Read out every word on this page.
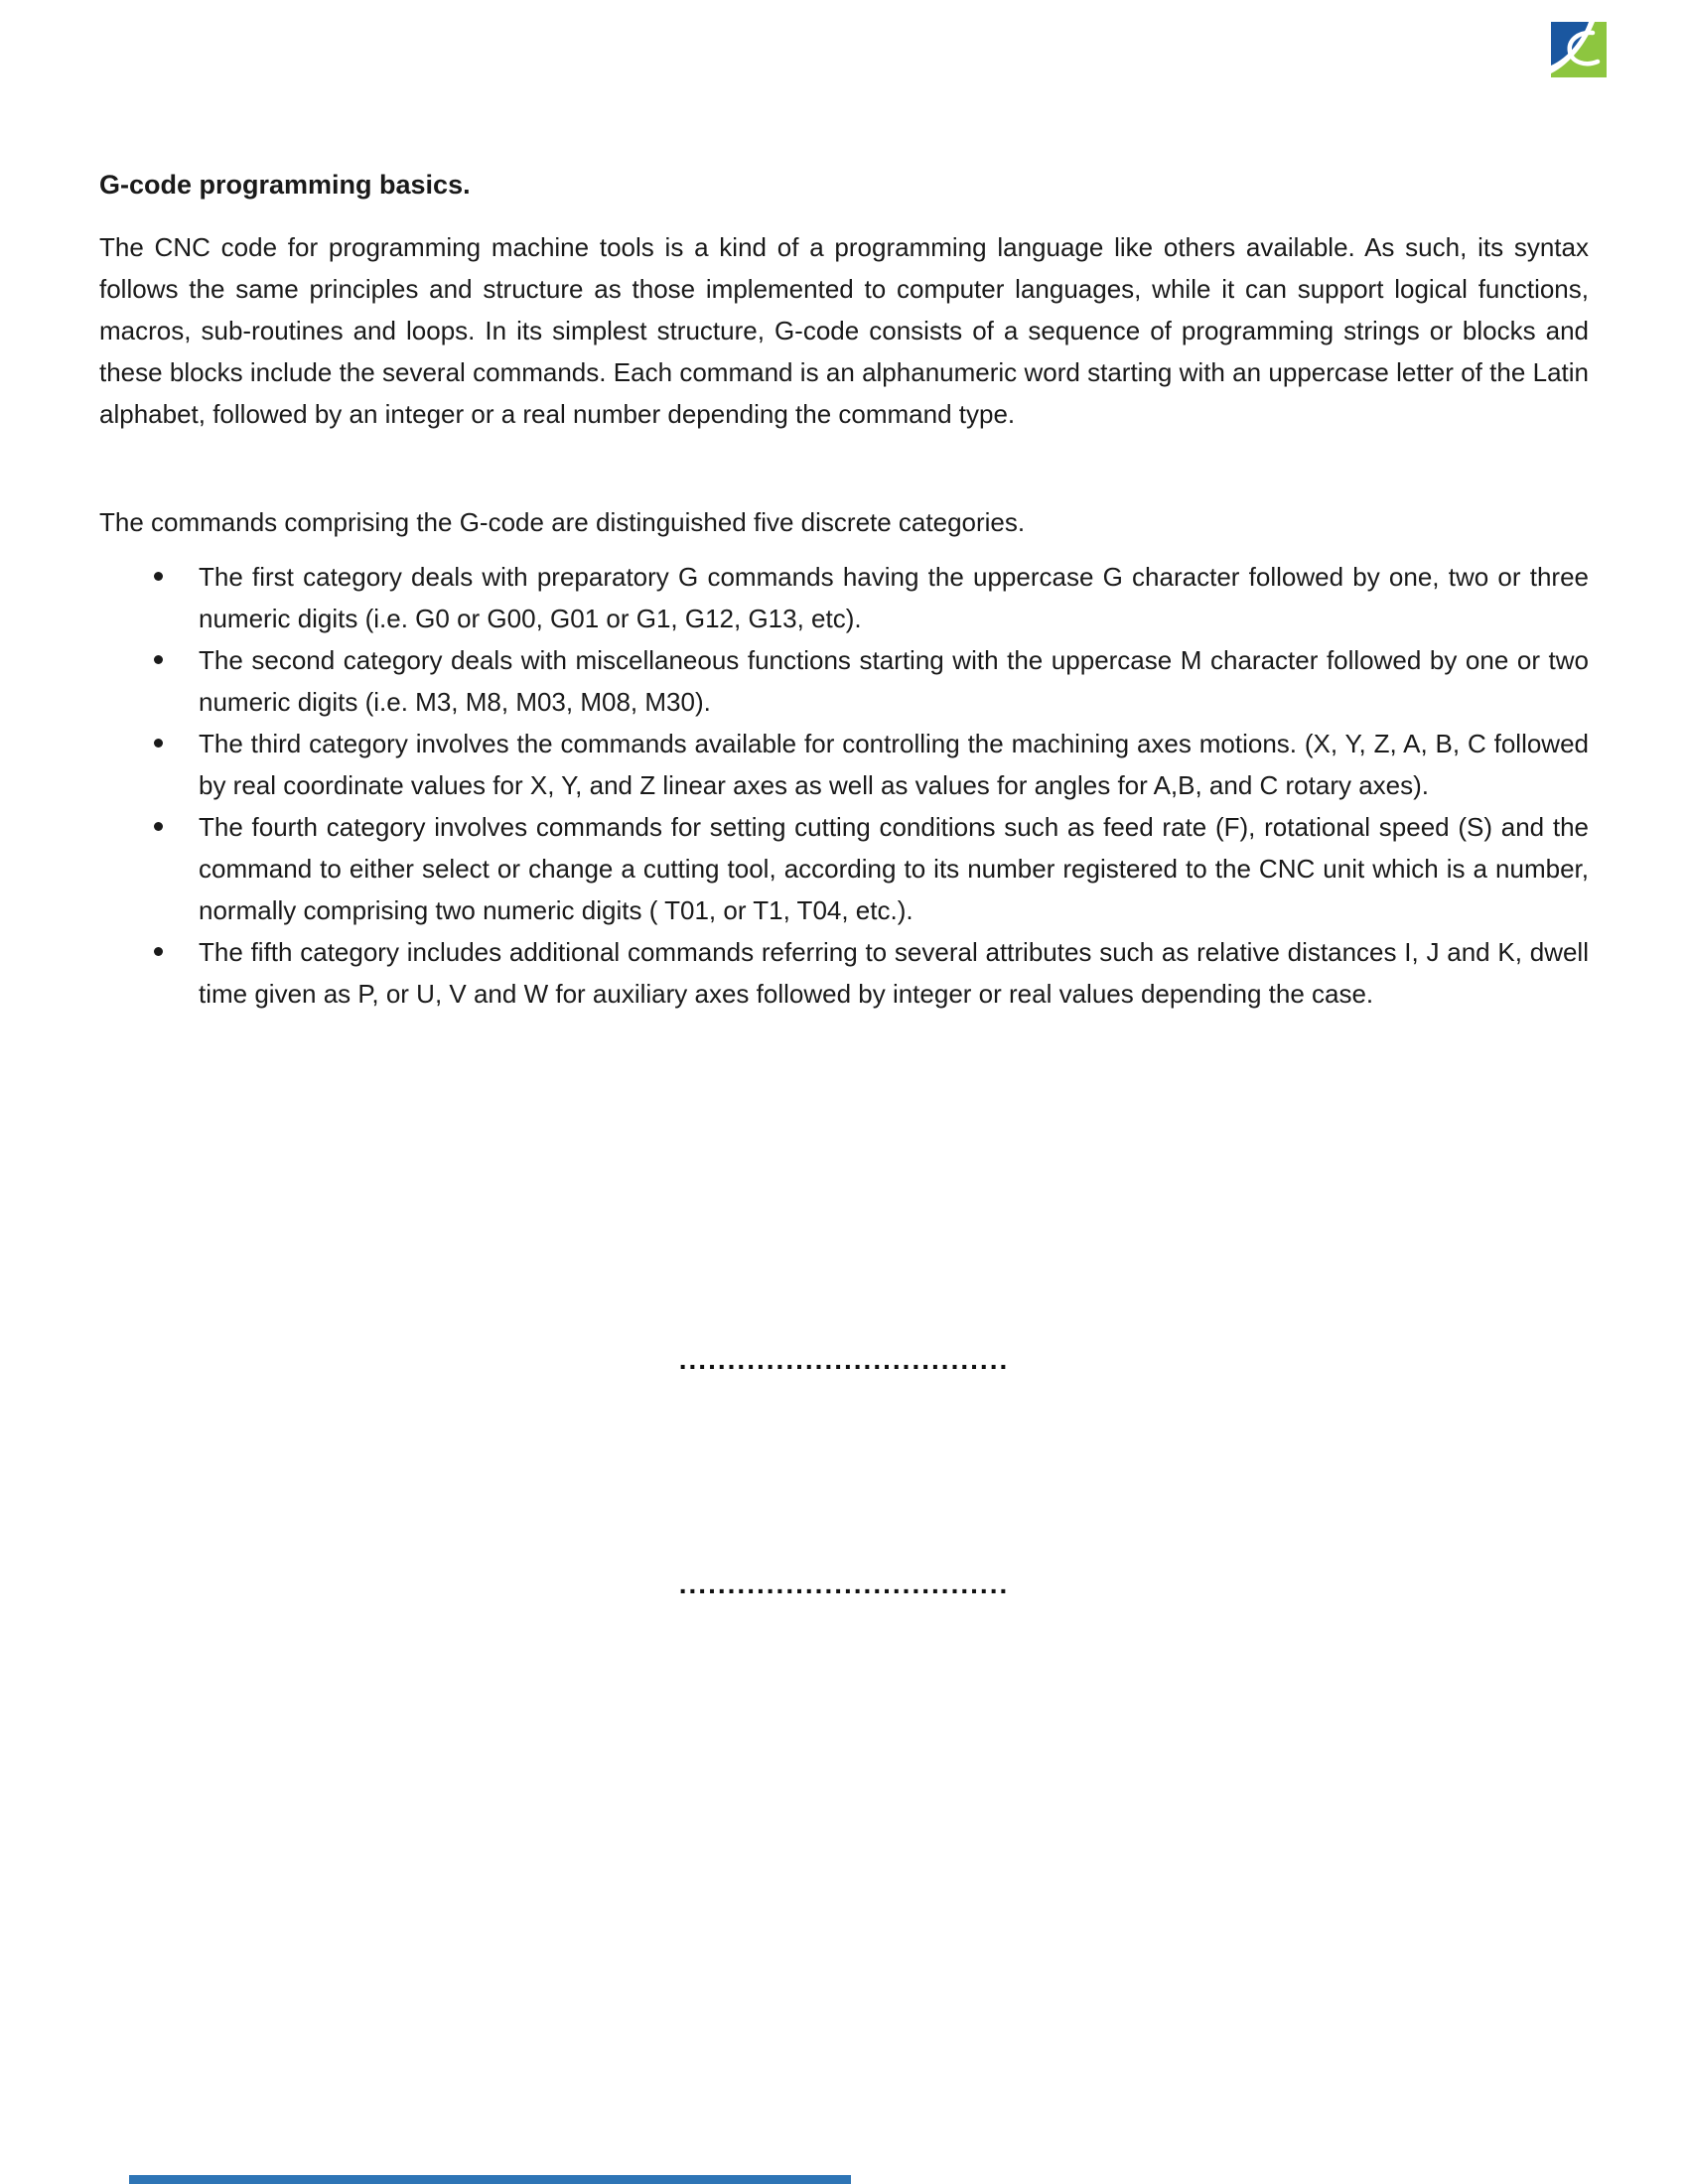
G-code programming basics.
The CNC code for programming machine tools is a kind of a programming language like others available. As such, its syntax follows the same principles and structure as those implemented to computer languages, while it can support logical functions, macros, sub-routines and loops. In its simplest structure, G-code consists of a sequence of programming strings or blocks and these blocks include the several commands. Each command is an alphanumeric word starting with an uppercase letter of the Latin alphabet, followed by an integer or a real number depending the command type.
The commands comprising the G-code are distinguished five discrete categories.
The first category deals with preparatory G commands having the uppercase G character followed by one, two or three numeric digits (i.e. G0 or G00, G01 or G1, G12, G13, etc).
The second category deals with miscellaneous functions starting with the uppercase M character followed by one or two numeric digits (i.e. M3, M8, M03, M08, M30).
The third category involves the commands available for controlling the machining axes motions. (X, Y, Z, A, B, C followed by real coordinate values for X, Y, and Z linear axes as well as values for angles for A,B, and C rotary axes).
The fourth category involves commands for setting cutting conditions such as feed rate (F), rotational speed (S) and the command to either select or change a cutting tool, according to its number registered to the CNC unit which is a number, normally comprising two numeric digits ( T01, or T1, T04, etc.).
The fifth category includes additional commands referring to several attributes such as relative distances I, J and K, dwell time given as P, or U, V and W for auxiliary axes followed by integer or real values depending the case.
..................................
..................................
